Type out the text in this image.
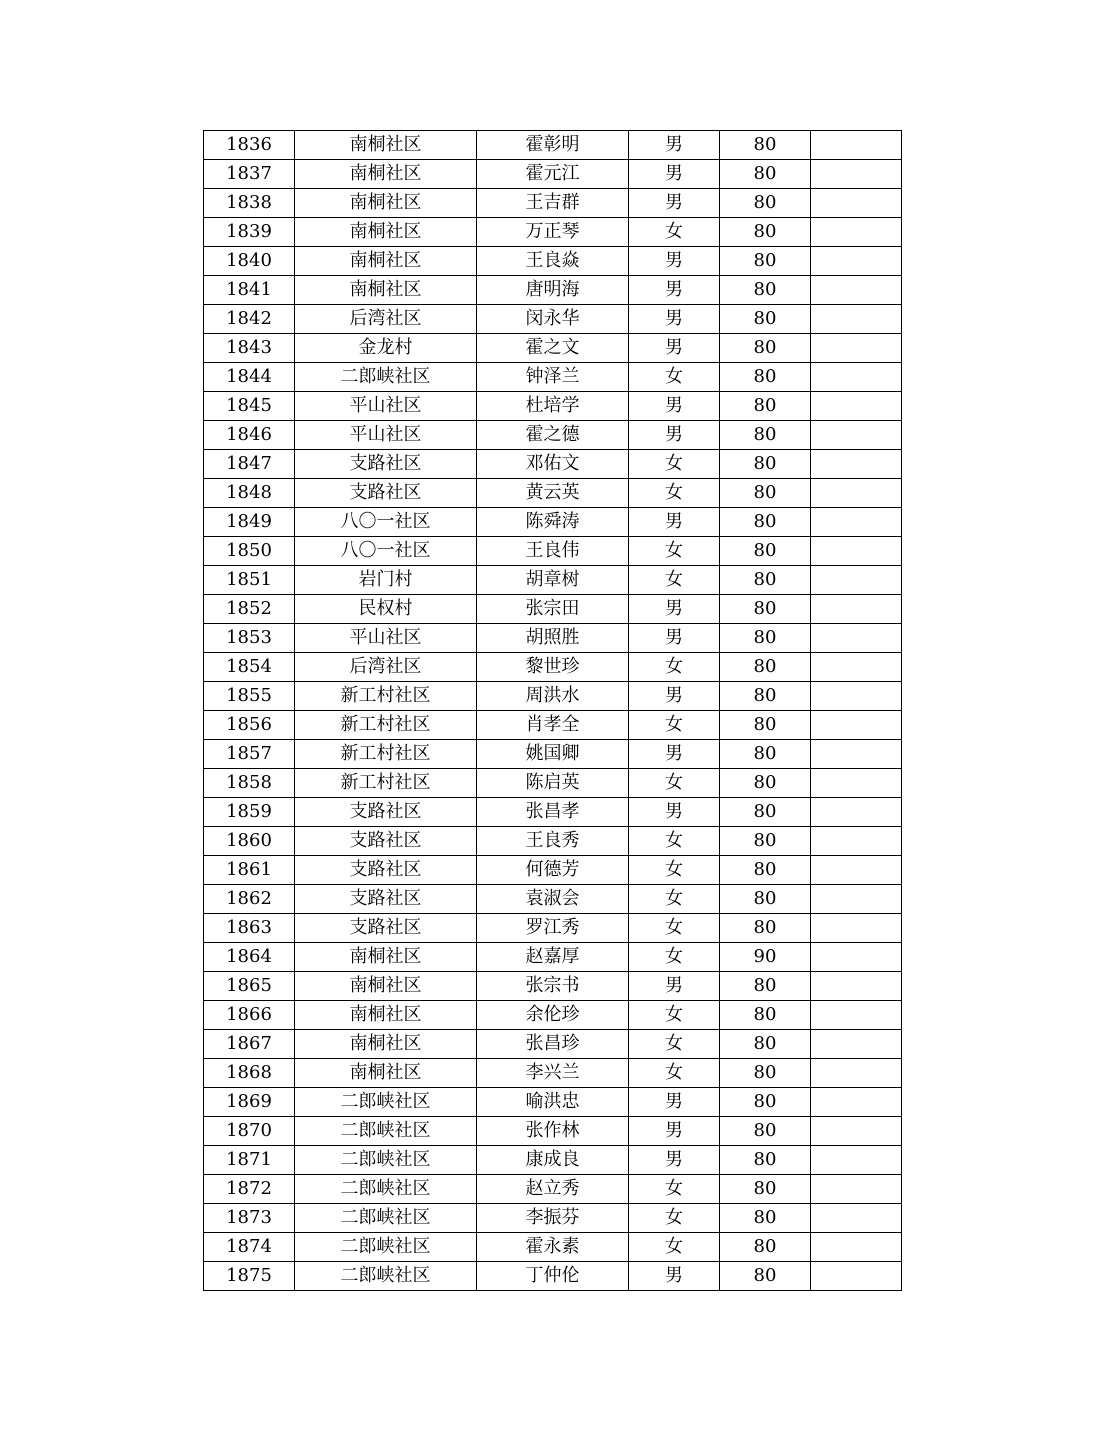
1836	南桐社区	霍彰明	男	80	
1837	南桐社区	霍元江	男	80	
1838	南桐社区	王吉群	男	80	
1839	南桐社区	万正琴	女	80	
1840	南桐社区	王良焱	男	80	
1841	南桐社区	唐明海	男	80	
1842	后湾社区	闵永华	男	80	
1843	金龙村	霍之文	男	80	
1844	二郎峡社区	钟泽兰	女	80	
1845	平山社区	杜培学	男	80	
1846	平山社区	霍之德	男	80	
1847	支路社区	邓佑文	女	80	
1848	支路社区	黄云英	女	80	
1849	八〇一社区	陈舜涛	男	80	
1850	八〇一社区	王良伟	女	80	
1851	岩门村	胡章树	女	80	
1852	民权村	张宗田	男	80	
1853	平山社区	胡照胜	男	80	
1854	后湾社区	黎世珍	女	80	
1855	新工村社区	周洪水	男	80	
1856	新工村社区	肖孝全	女	80	
1857	新工村社区	姚国卿	男	80	
1858	新工村社区	陈启英	女	80	
1859	支路社区	张昌孝	男	80	
1860	支路社区	王良秀	女	80	
1861	支路社区	何德芳	女	80	
1862	支路社区	袁淑会	女	80	
1863	支路社区	罗江秀	女	80	
1864	南桐社区	赵嘉厚	女	90	
1865	南桐社区	张宗书	男	80	
1866	南桐社区	余伦珍	女	80	
1867	南桐社区	张昌珍	女	80	
1868	南桐社区	李兴兰	女	80	
1869	二郎峡社区	喻洪忠	男	80	
1870	二郎峡社区	张作林	男	80	
1871	二郎峡社区	康成良	男	80	
1872	二郎峡社区	赵立秀	女	80	
1873	二郎峡社区	李振芬	女	80	
1874	二郎峡社区	霍永素	女	80	
1875	二郎峡社区	丁仲伦	男	80	
